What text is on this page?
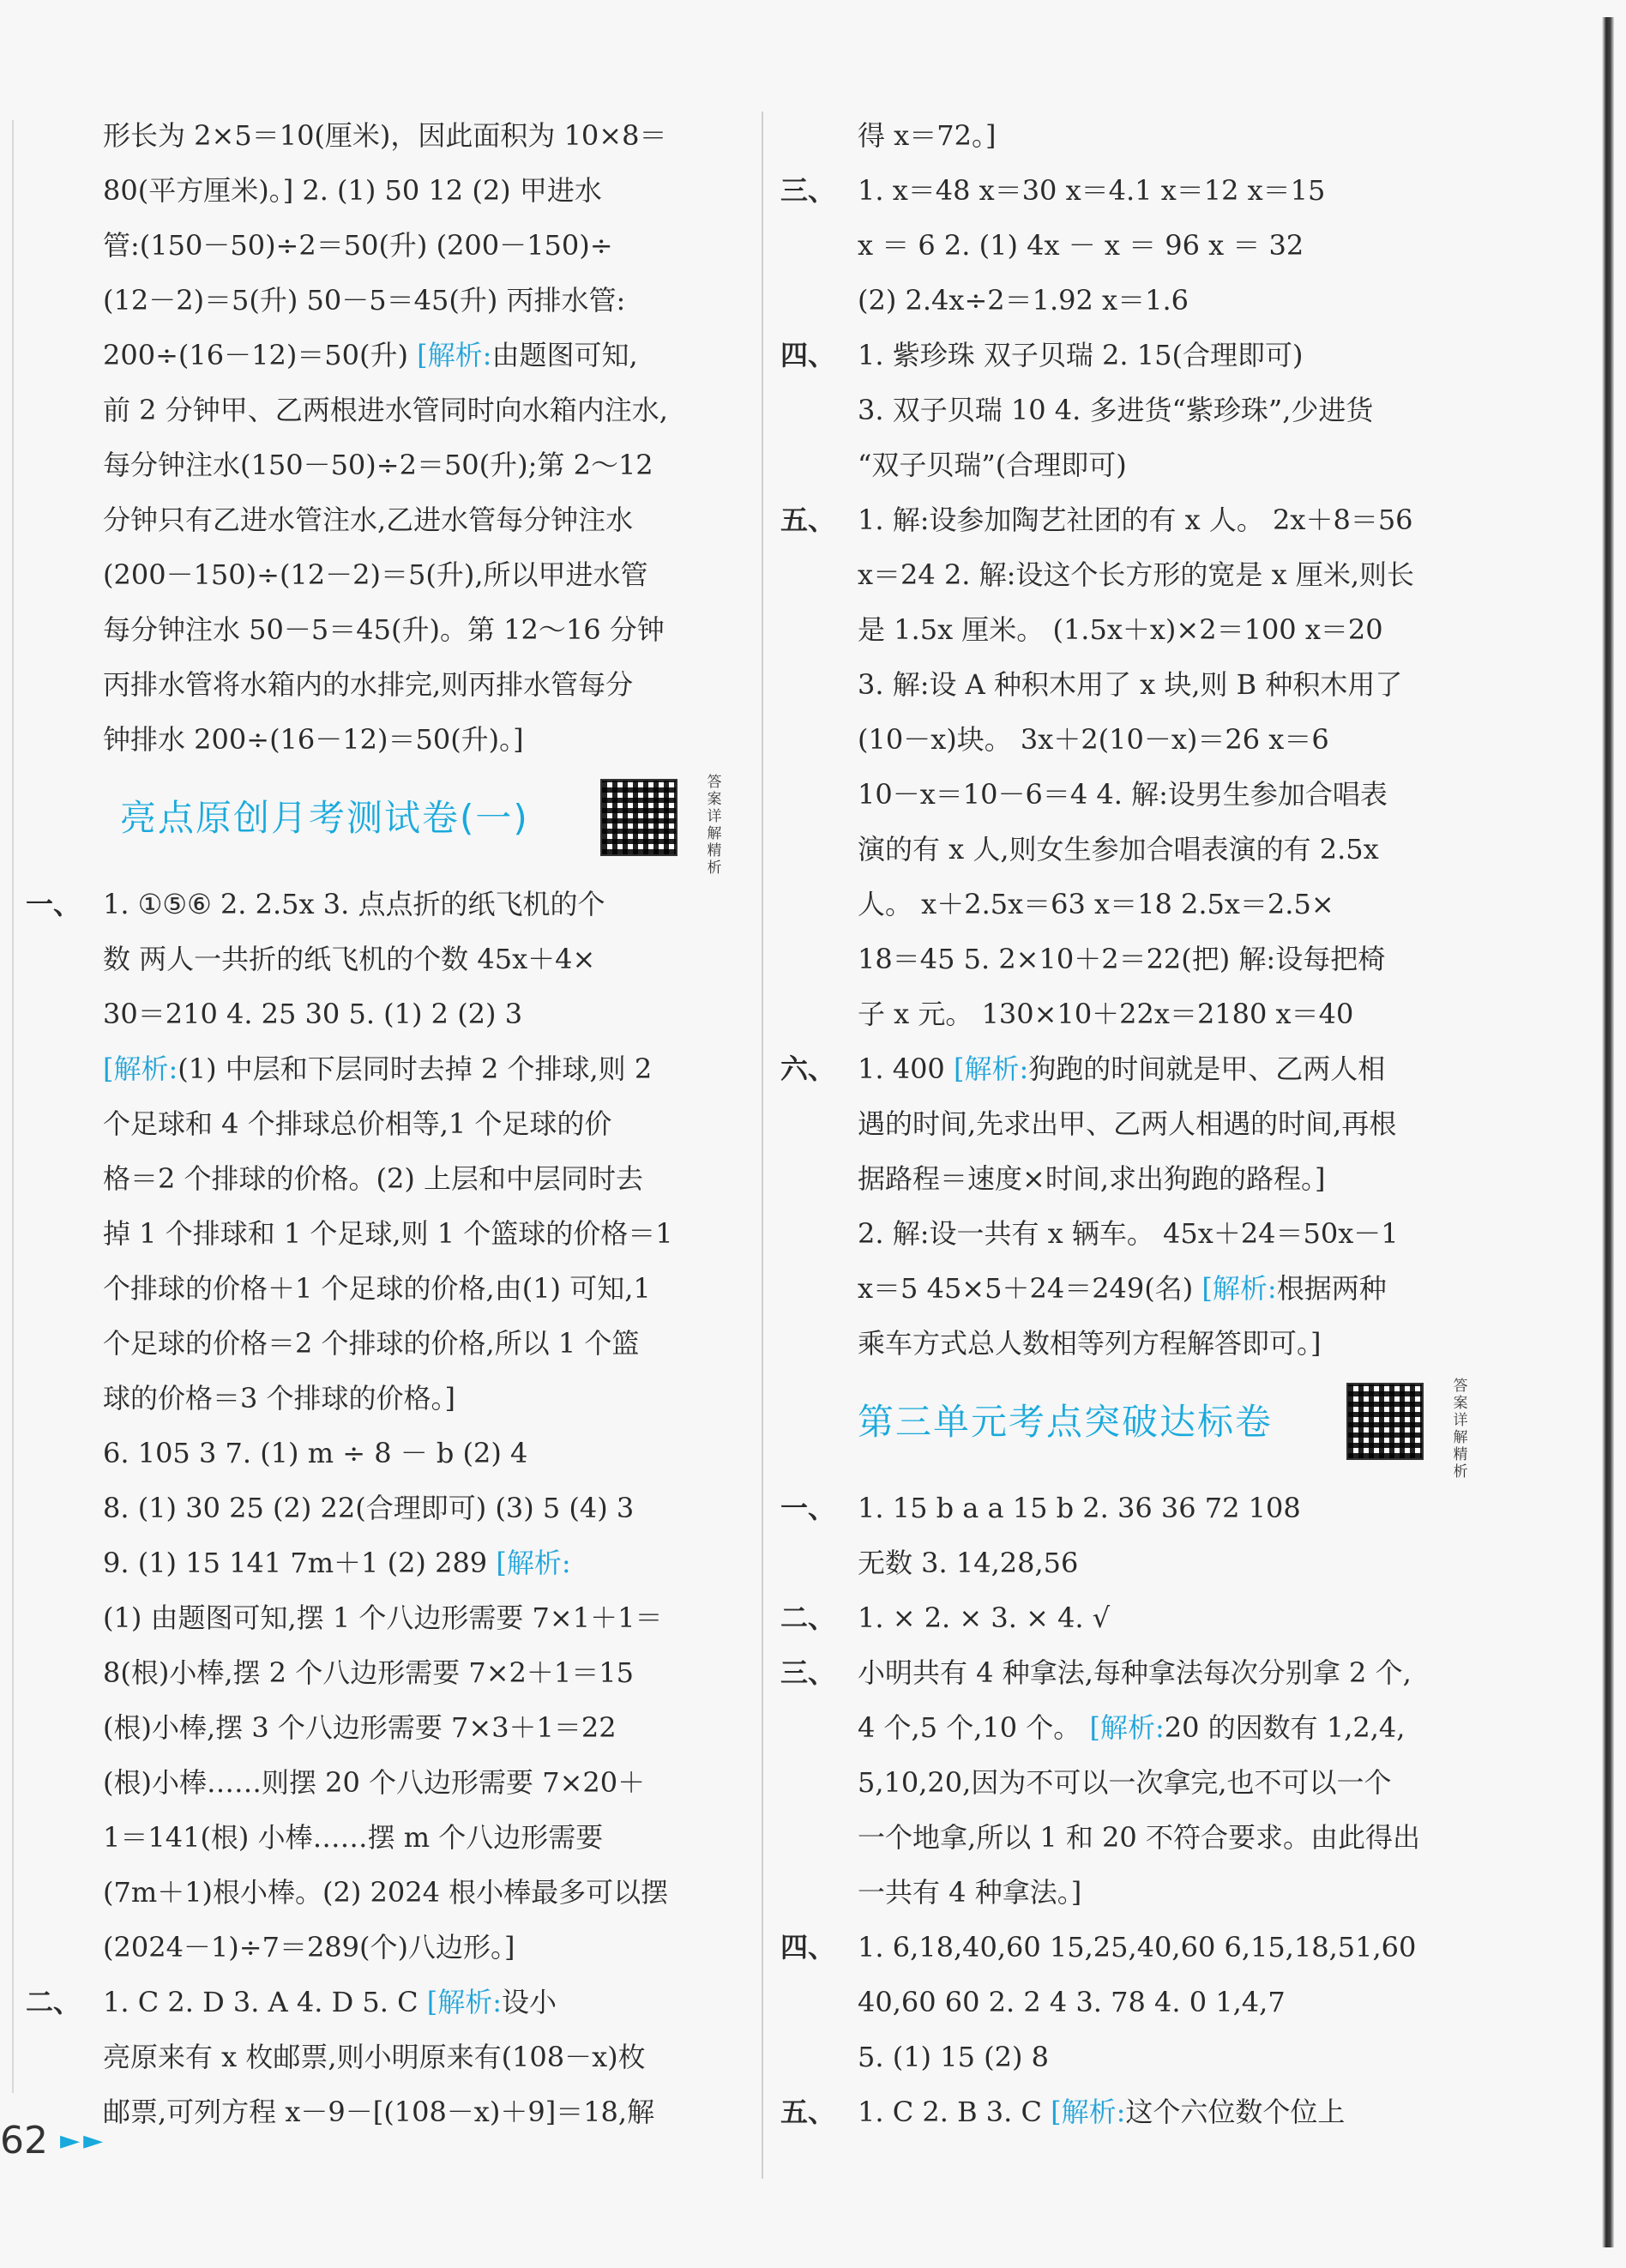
形长为 2×5＝10(厘米)，因此面积为 10×8＝
80(平方厘米)。] 2. (1) 50 12 (2) 甲进水
管:(150－50)÷2＝50(升) (200－150)÷
(12－2)＝5(升) 50－5＝45(升) 丙排水管:
200÷(16－12)＝50(升) [解析:由题图可知,
前 2 分钟甲、乙两根进水管同时向水箱内注水,
每分钟注水(150－50)÷2＝50(升);第 2～12
分钟只有乙进水管注水,乙进水管每分钟注水
(200－150)÷(12－2)＝5(升),所以甲进水管
每分钟注水 50－5＝45(升)。第 12～16 分钟
丙排水管将水箱内的水排完,则丙排水管每分
钟排水 200÷(16－12)＝50(升)。]
亮点原创月考测试卷(一)
答案详解精析
一、 1. ①⑤⑥ 2. 2.5x 3. 点点折的纸飞机的个
数 两人一共折的纸飞机的个数 45x＋4×
30＝210 4. 25 30 5. (1) 2 (2) 3
[解析:(1) 中层和下层同时去掉 2 个排球,则 2
个足球和 4 个排球总价相等,1 个足球的价
格＝2 个排球的价格。(2) 上层和中层同时去
掉 1 个排球和 1 个足球,则 1 个篮球的价格＝1
个排球的价格＋1 个足球的价格,由(1) 可知,1
个足球的价格＝2 个排球的价格,所以 1 个篮
球的价格＝3 个排球的价格。]
6. 105 3 7. (1) m ÷ 8 － b (2) 4
8. (1) 30 25 (2) 22(合理即可) (3) 5 (4) 3
9. (1) 15 141 7m＋1 (2) 289 [解析:
(1) 由题图可知,摆 1 个八边形需要 7×1＋1＝
8(根)小棒,摆 2 个八边形需要 7×2＋1＝15
(根)小棒,摆 3 个八边形需要 7×3＋1＝22
(根)小棒……则摆 20 个八边形需要 7×20＋
1＝141(根) 小棒……摆 m 个八边形需要
(7m＋1)根小棒。(2) 2024 根小棒最多可以摆
(2024－1)÷7＝289(个)八边形。]
二、 1. C 2. D 3. A 4. D 5. C [解析:设小
亮原来有 x 枚邮票,则小明原来有(108－x)枚
邮票,可列方程 x－9－[(108－x)＋9]＝18,解
得 x＝72。]
三、 1. x＝48 x＝30 x＝4.1 x＝12 x＝15
x ＝ 6 2. (1) 4x － x ＝ 96 x ＝ 32
(2) 2.4x÷2＝1.92 x＝1.6
四、 1. 紫珍珠 双子贝瑞 2. 15(合理即可)
3. 双子贝瑞 10 4. 多进货“紫珍珠”,少进货
“双子贝瑞”(合理即可)
五、 1. 解:设参加陶艺社团的有 x 人。 2x＋8＝56
x＝24 2. 解:设这个长方形的宽是 x 厘米,则长
是 1.5x 厘米。 (1.5x＋x)×2＝100 x＝20
3. 解:设 A 种积木用了 x 块,则 B 种积木用了
(10－x)块。 3x＋2(10－x)＝26 x＝6
10－x＝10－6＝4 4. 解:设男生参加合唱表
演的有 x 人,则女生参加合唱表演的有 2.5x
人。 x＋2.5x＝63 x＝18 2.5x＝2.5×
18＝45 5. 2×10＋2＝22(把) 解:设每把椅
子 x 元。 130×10＋22x＝2180 x＝40
六、 1. 400 [解析:狗跑的时间就是甲、乙两人相
遇的时间,先求出甲、乙两人相遇的时间,再根
据路程＝速度×时间,求出狗跑的路程。]
2. 解:设一共有 x 辆车。 45x＋24＝50x－1
x＝5 45×5＋24＝249(名) [解析:根据两种
乘车方式总人数相等列方程解答即可。]
第三单元考点突破达标卷
答案详解精析
一、 1. 15 b a a 15 b 2. 36 36 72 108
无数 3. 14,28,56
二、 1. × 2. × 3. × 4. √
三、 小明共有 4 种拿法,每种拿法每次分别拿 2 个,
4 个,5 个,10 个。 [解析:20 的因数有 1,2,4,
5,10,20,因为不可以一次拿完,也不可以一个
一个地拿,所以 1 和 20 不符合要求。由此得出
一共有 4 种拿法。]
四、 1. 6,18,40,60 15,25,40,60 6,15,18,51,60
40,60 60 2. 2 4 3. 78 4. 0 1,4,7
5. (1) 15 (2) 8
五、 1. C 2. B 3. C [解析:这个六位数个位上
62 ►►
